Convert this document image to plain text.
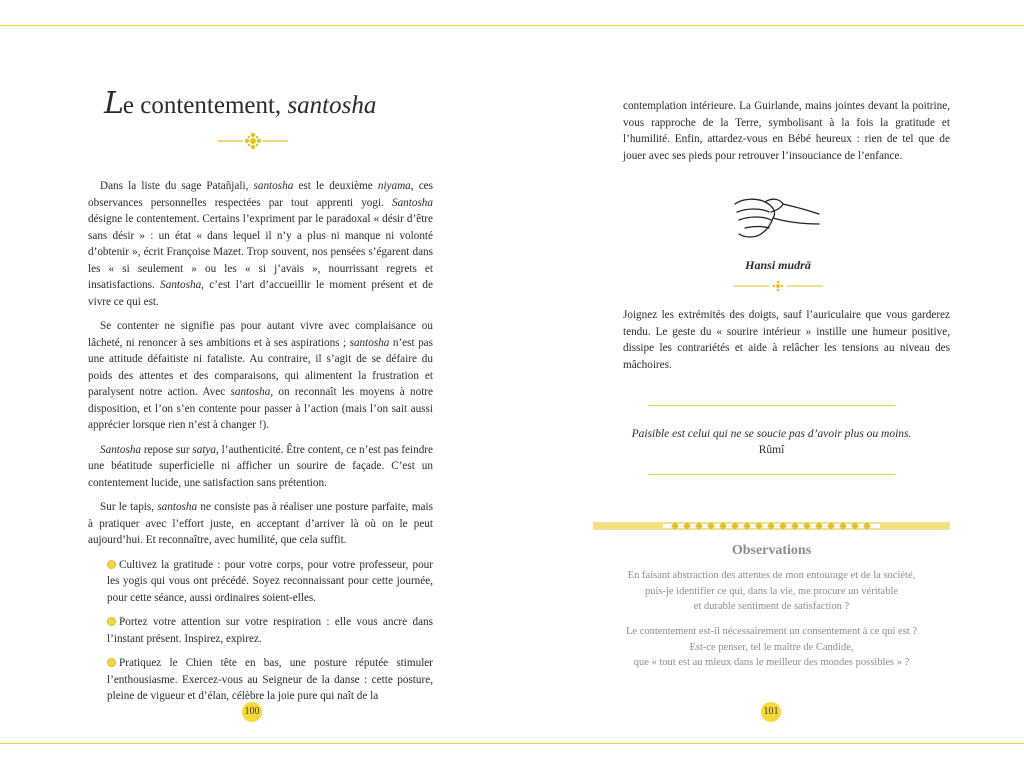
Le contentement, santosha

Dans la liste du sage Patañjali, santosha est le deuxième niyama, ces observances personnelles respectées par tout apprenti yogi. Santosha désigne le contentement. Certains l’expriment par le paradoxal « désir d’être sans désir » : un état « dans lequel il n’y a plus ni manque ni volonté d’obtenir », écrit Françoise Mazet. Trop souvent, nos pensées s’égarent dans les « si seulement » ou les « si j’avais », nourrissant regrets et insatisfactions. Santosha, c’est l’art d’accueillir le moment présent et de vivre ce qui est.

Se contenter ne signifie pas pour autant vivre avec complaisance ou lâcheté, ni renoncer à ses ambitions et à ses aspirations ; santosha n’est pas une attitude défaitiste ni fataliste. Au contraire, il s’agit de se défaire du poids des attentes et des comparaisons, qui alimentent la frustration et paralysent notre action. Avec santosha, on reconnaît les moyens à notre disposition, et l’on s’en contente pour passer à l’action (mais l’on sait aussi apprécier lorsque rien n’est à changer !).

Santosha repose sur satya, l’authenticité. Être content, ce n’est pas feindre une béatitude superficielle ni afficher un sourire de façade. C’est un contentement lucide, une satisfaction sans prétention.

Sur le tapis, santosha ne consiste pas à réaliser une posture parfaite, mais à pratiquer avec l’effort juste, en acceptant d’arriver là où on le peut aujourd’hui. Et reconnaître, avec humilité, que cela suffit.

Cultivez la gratitude : pour votre corps, pour votre professeur, pour les yogis qui vous ont précédé. Soyez reconnaissant pour cette journée, pour cette séance, aussi ordinaires soient-elles.

Portez votre attention sur votre respiration : elle vous ancre dans l’instant présent. Inspirez, expirez.

Pratiquez le Chien tête en bas, une posture réputée stimuler l’enthousiasme. Exercez-vous au Seigneur de la danse : cette posture, pleine de vigueur et d’élan, célèbre la joie pure qui naît de la

100

contemplation intérieure. La Guirlande, mains jointes devant la poitrine, vous rapproche de la Terre, symbolisant à la fois la gratitude et l’humilité. Enfin, attardez-vous en Bébé heureux : rien de tel que de jouer avec ses pieds pour retrouver l’insouciance de l’enfance.

Hansi mudrā

Joignez les extrémités des doigts, sauf l’auriculaire que vous garderez tendu. Le geste du « sourire intérieur » instille une humeur positive, dissipe les contrariétés et aide à relâcher les tensions au niveau des mâchoires.

Paisible est celui qui ne se soucie pas d’avoir plus ou moins.
Rûmî
Observations
En faisant abstraction des attentes de mon entourage et de la société,
puis-je identifier ce qui, dans la vie, me procure un véritable
et durable sentiment de satisfaction ?
Le contentement est-il nécessairement un consentement à ce qui est ?
Est-ce penser, tel le maître de Candide,
que « tout est au mieux dans le meilleur des mondes possibles » ?
101
